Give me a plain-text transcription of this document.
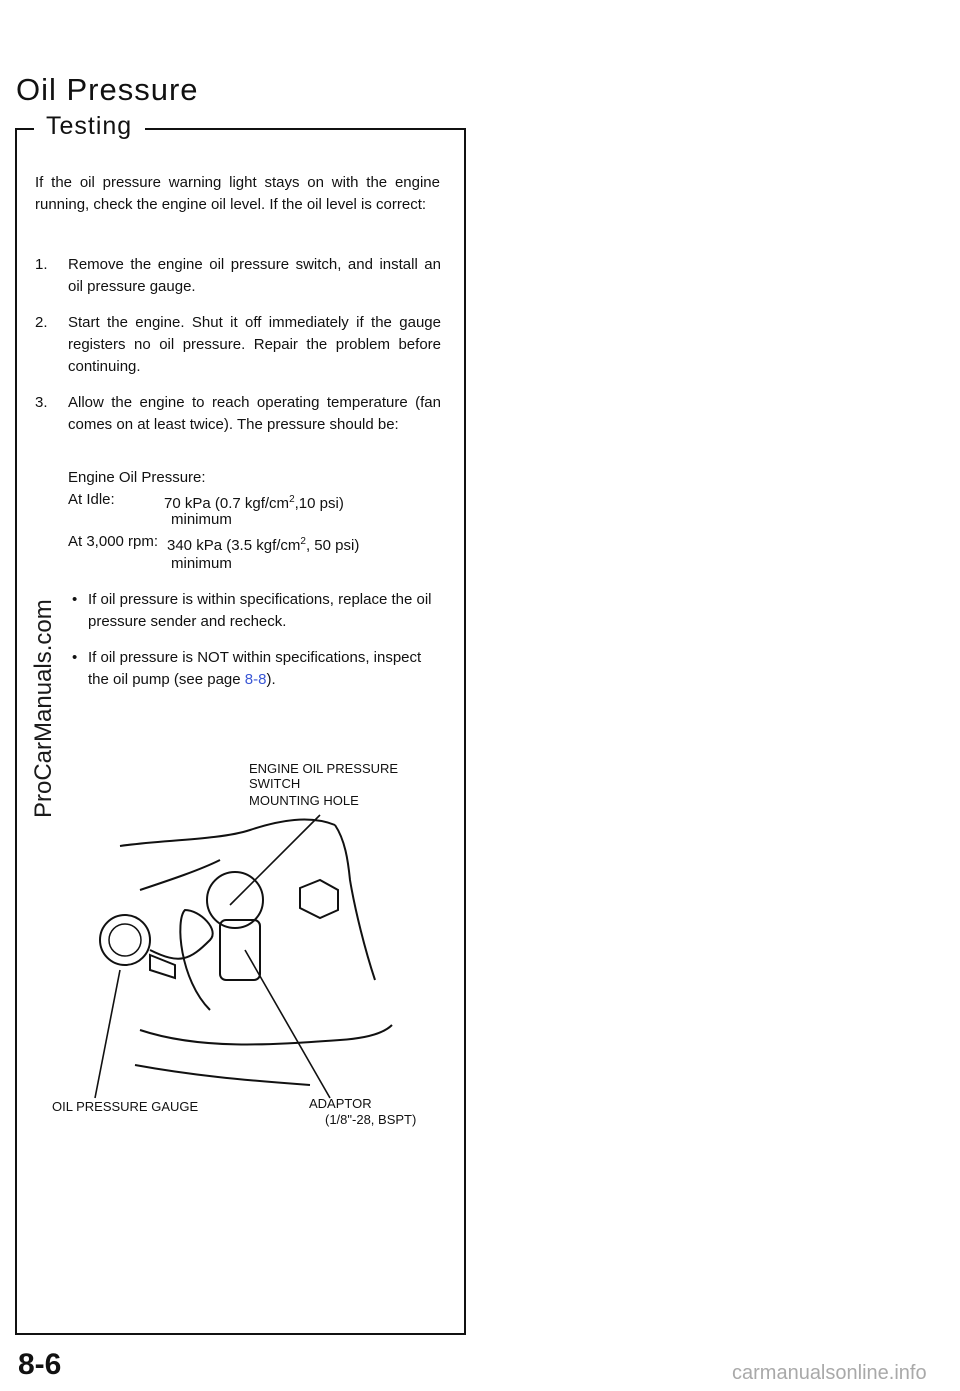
Oil Pressure
Testing
If the oil pressure warning light stays on with the engine running, check the engine oil level. If the oil level is correct:
1. Remove the engine oil pressure switch, and install an oil pressure gauge.
2. Start the engine. Shut it off immediately if the gauge registers no oil pressure. Repair the problem before continuing.
3. Allow the engine to reach operating temperature (fan comes on at least twice). The pressure should be:
Engine Oil Pressure:
At Idle:	70 kPa (0.7 kgf/$cm^2,10$ psi)
minimum
At 3,000 rpm: 340 kPa (3.5 kgf/$cm^2$, 50 psi)
minimum
• If oil pressure is within specifications, replace the oil pressure sender and recheck.
• If oil pressure is NOT within specifications, inspect the oil pump (see page 8-8).
ENGINE OIL PRESSURE
SWITCH
MOUNTING HOLE
OIL PRESSURE GAUGE	ADAPTOR
(1/8"-28, BSPT)
ProCarManuals.com
8-6	carmanualsonline.info
